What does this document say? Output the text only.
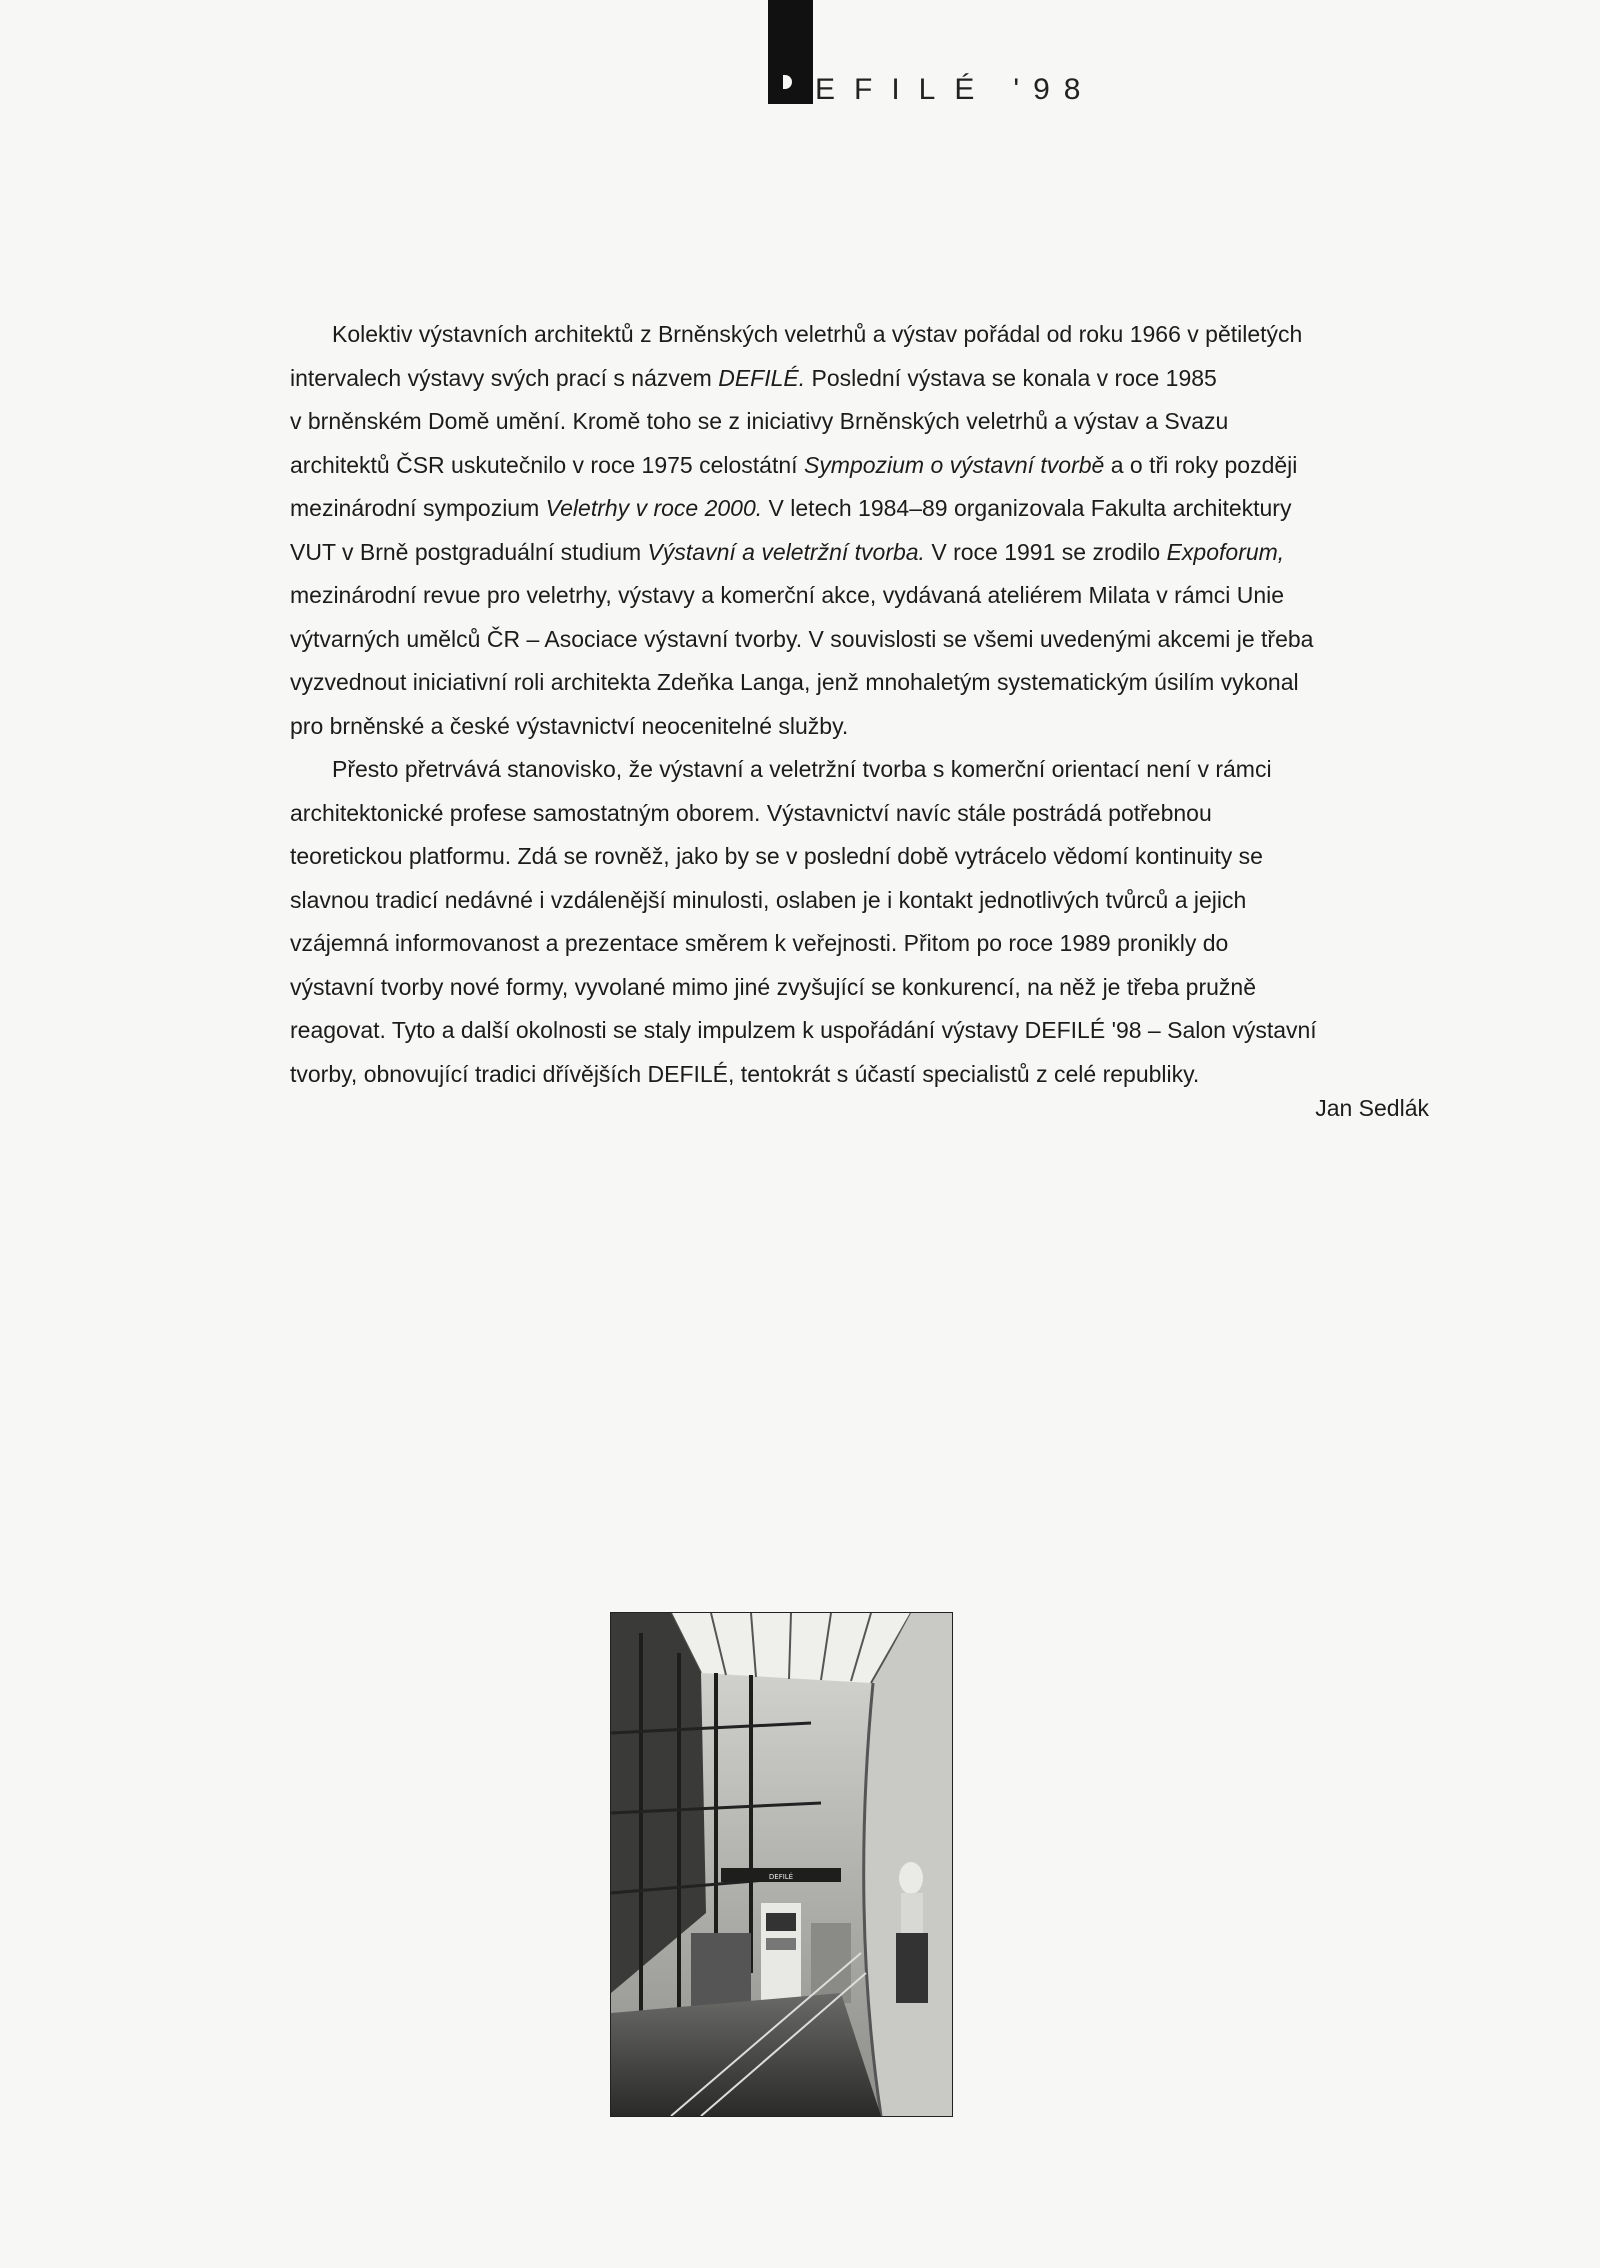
EFILÉ '98

Kolektiv výstavních architektů z Brněnských veletrhů a výstav pořádal od roku 1966 v pětiletých

intervalech výstavy svých prací s názvem DEFILÉ. Poslední výstava se konala v roce 1985

v brněnském Domě umění. Kromě toho se z iniciativy Brněnských veletrhů a výstav a Svazu

architektů ČSR uskutečnilo v roce 1975 celostátní Sympozium o výstavní tvorbě a o tři roky později

mezinárodní sympozium Veletrhy v roce 2000. V letech 1984–89 organizovala Fakulta architektury

VUT v Brně postgraduální studium Výstavní a veletržní tvorba. V roce 1991 se zrodilo Expoforum,

mezinárodní revue pro veletrhy, výstavy a komerční akce, vydávaná ateliérem Milata v rámci Unie

výtvarných umělců ČR – Asociace výstavní tvorby. V souvislosti se všemi uvedenými akcemi je třeba

vyzvednout iniciativní roli architekta Zdeňka Langa, jenž mnohaletým systematickým úsilím vykonal

pro brněnské a české výstavnictví neocenitelné služby.

Přesto přetrvává stanovisko, že výstavní a veletržní tvorba s komerční orientací není v rámci

architektonické profese samostatným oborem. Výstavnictví navíc stále postrádá potřebnou

teoretickou platformu. Zdá se rovněž, jako by se v poslední době vytrácelo vědomí kontinuity se

slavnou tradicí nedávné i vzdálenější minulosti, oslaben je i kontakt jednotlivých tvůrců a jejich

vzájemná informovanost a prezentace směrem k veřejnosti. Přitom po roce 1989 pronikly do

výstavní tvorby nové formy, vyvolané mimo jiné zvyšující se konkurencí, na něž je třeba pružně

reagovat. Tyto a další okolnosti se staly impulzem k uspořádání výstavy DEFILÉ '98 – Salon výstavní

tvorby, obnovující tradici dřívějších DEFILÉ, tentokrát s účastí specialistů z celé republiky.

Jan Sedlák
DEFILÉ
